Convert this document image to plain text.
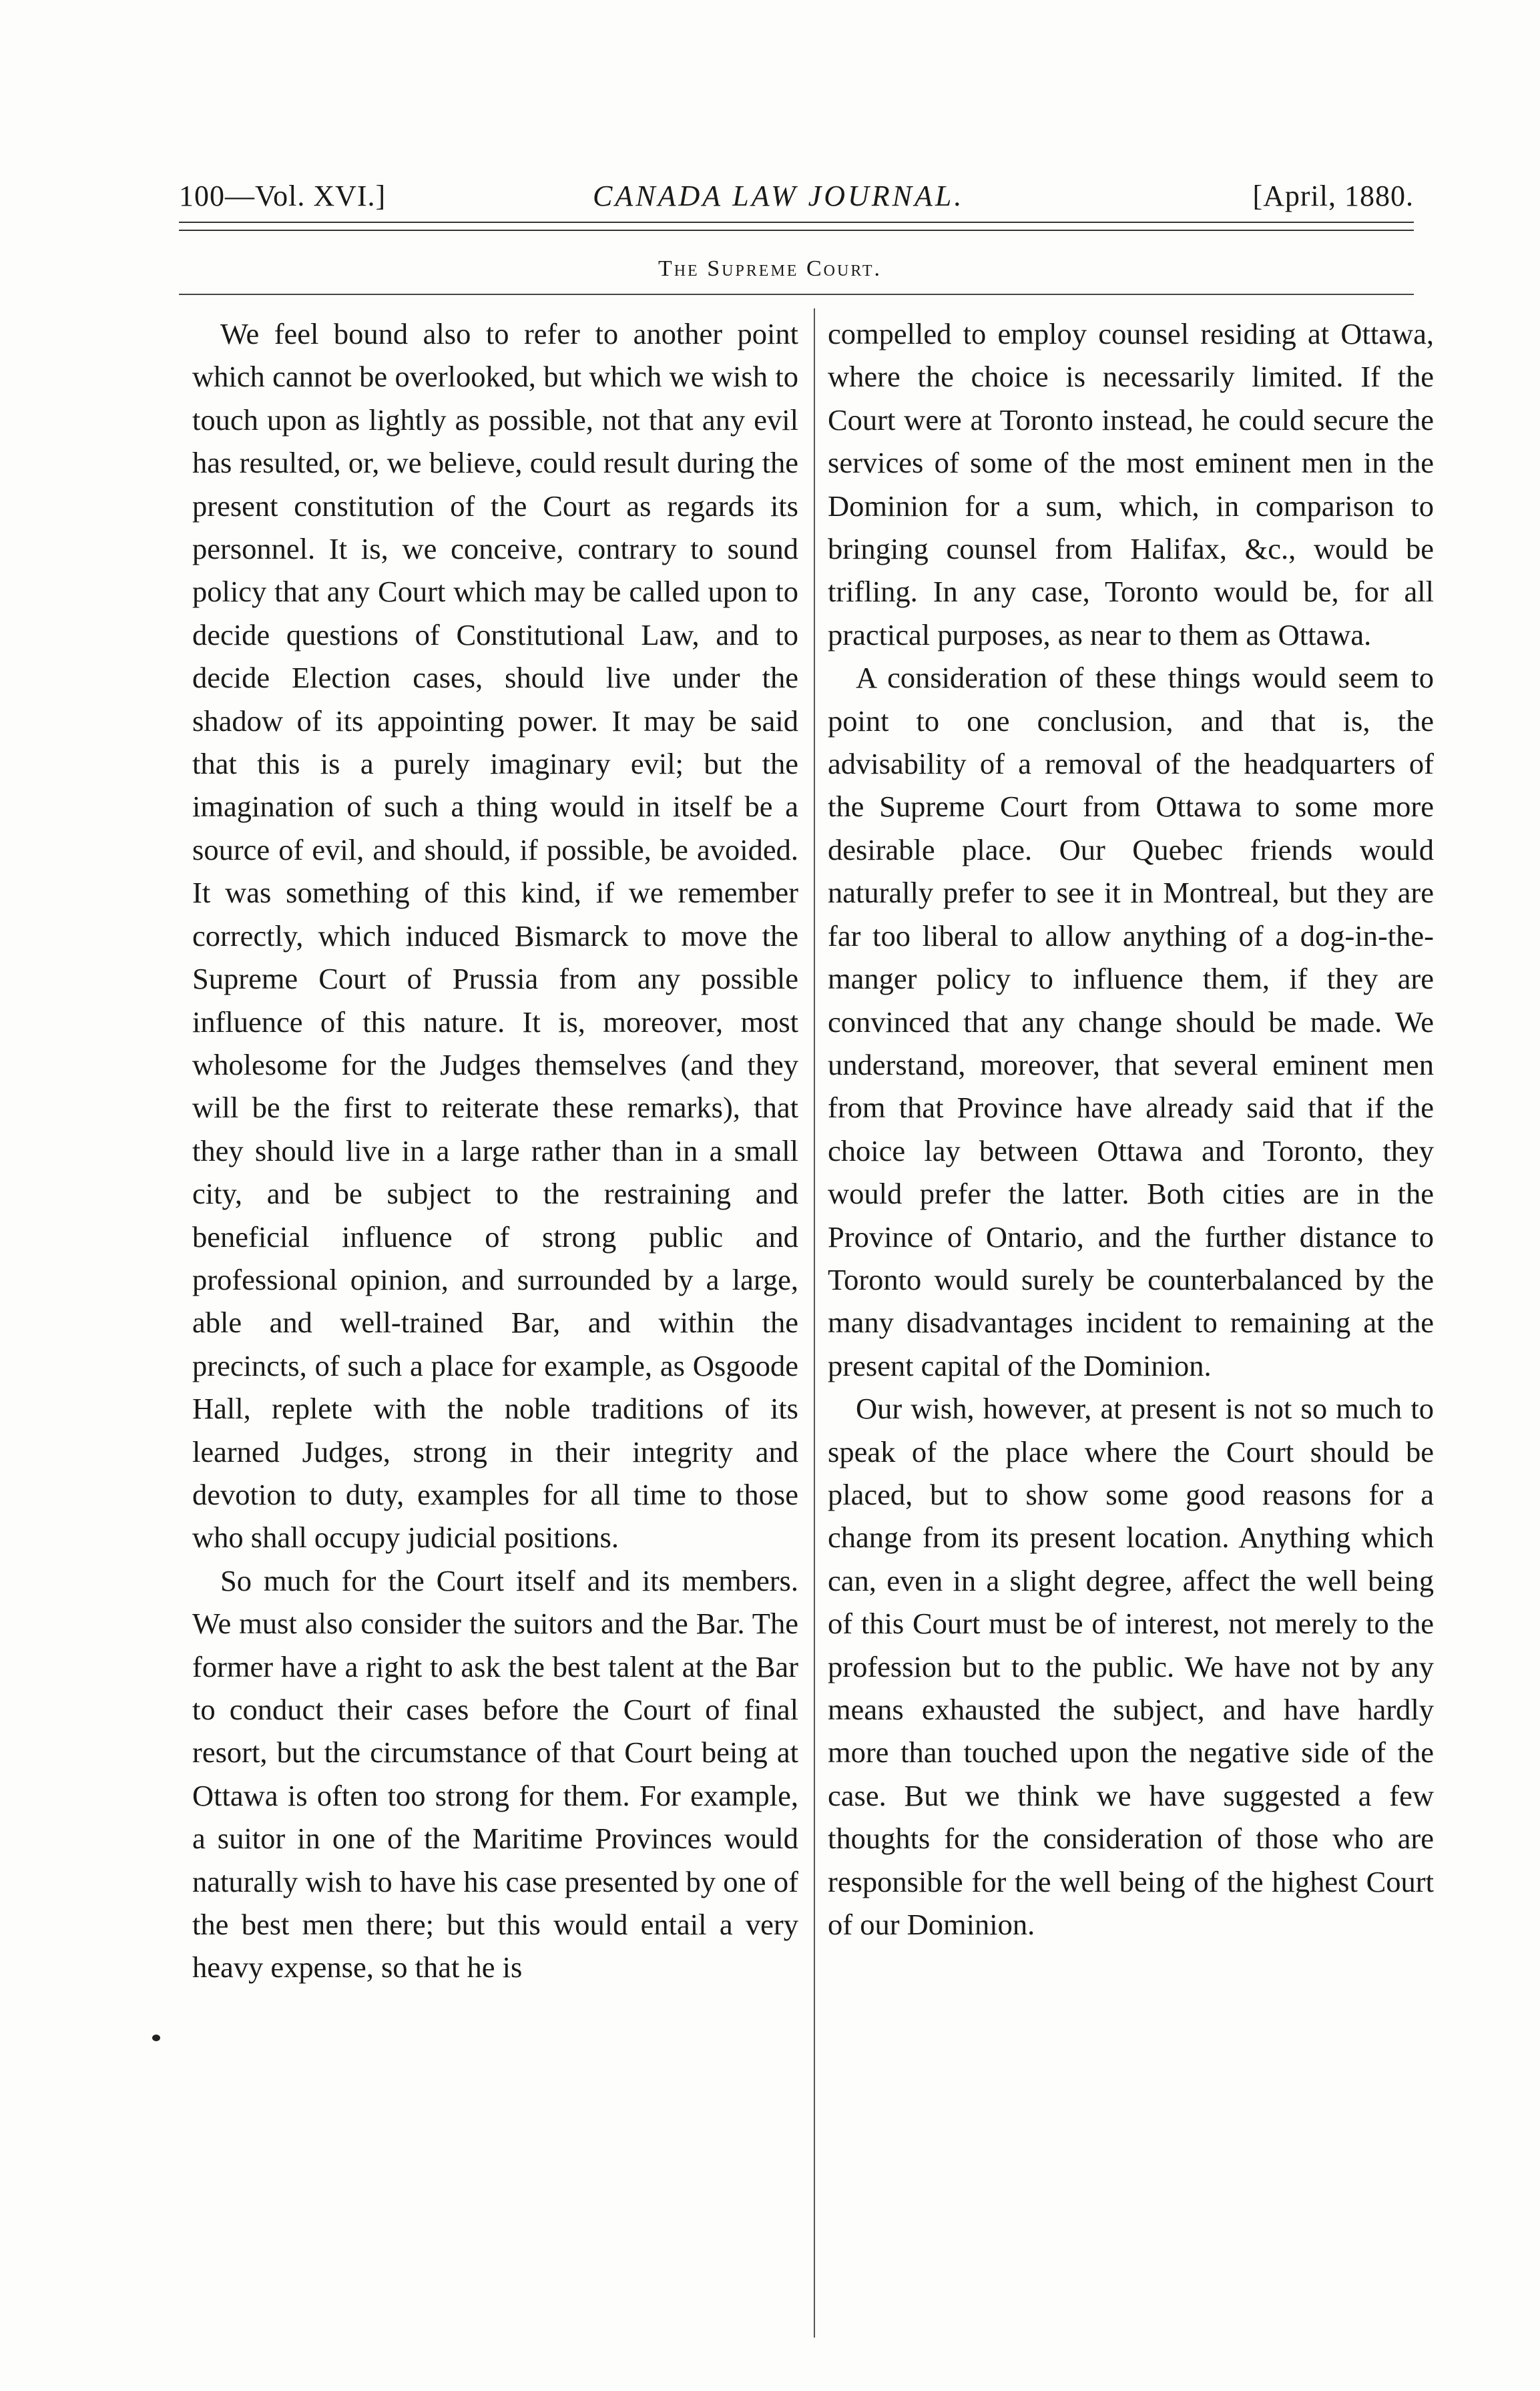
100—Vol. XVI.]	CANADA LAW JOURNAL.	[April, 1880.
The Supreme Court.

We feel bound also to refer to another point which cannot be overlooked, but which we wish to touch upon as lightly as possible, not that any evil has resulted, or, we believe, could result during the present constitution of the Court as regards its personnel. It is, we conceive, contrary to sound policy that any Court which may be called upon to decide questions of Constitutional Law, and to decide Election cases, should live under the shadow of its appointing power. It may be said that this is a purely imaginary evil; but the imagination of such a thing would in itself be a source of evil, and should, if possible, be avoided. It was something of this kind, if we remember correctly, which induced Bismarck to move the Supreme Court of Prussia from any possible influence of this nature. It is, moreover, most wholesome for the Judges themselves (and they will be the first to reiterate these remarks), that they should live in a large rather than in a small city, and be subject to the restraining and beneficial influence of strong public and professional opinion, and surrounded by a large, able and well-trained Bar, and within the precincts, of such a place for example, as Osgoode Hall, replete with the noble traditions of its learned Judges, strong in their integrity and devotion to duty, examples for all time to those who shall occupy judicial positions.

So much for the Court itself and its members. We must also consider the suitors and the Bar. The former have a right to ask the best talent at the Bar to conduct their cases before the Court of final resort, but the circumstance of that Court being at Ottawa is often too strong for them. For example, a suitor in one of the Maritime Provinces would naturally wish to have his case presented by one of the best men there; but this would entail a very heavy expense, so that he is

compelled to employ counsel residing at Ottawa, where the choice is necessarily limited. If the Court were at Toronto instead, he could secure the services of some of the most eminent men in the Dominion for a sum, which, in comparison to bringing counsel from Halifax, &c., would be trifling. In any case, Toronto would be, for all practical purposes, as near to them as Ottawa.

A consideration of these things would seem to point to one conclusion, and that is, the advisability of a removal of the headquarters of the Supreme Court from Ottawa to some more desirable place. Our Quebec friends would naturally prefer to see it in Montreal, but they are far too liberal to allow anything of a dog-in-the-manger policy to influence them, if they are convinced that any change should be made. We understand, moreover, that several eminent men from that Province have already said that if the choice lay between Ottawa and Toronto, they would prefer the latter. Both cities are in the Province of Ontario, and the further distance to Toronto would surely be counterbalanced by the many disadvantages incident to remaining at the present capital of the Dominion.

Our wish, however, at present is not so much to speak of the place where the Court should be placed, but to show some good reasons for a change from its present location. Anything which can, even in a slight degree, affect the well being of this Court must be of interest, not merely to the profession but to the public. We have not by any means exhausted the subject, and have hardly more than touched upon the negative side of the case. But we think we have suggested a few thoughts for the consideration of those who are responsible for the well being of the highest Court of our Dominion.
